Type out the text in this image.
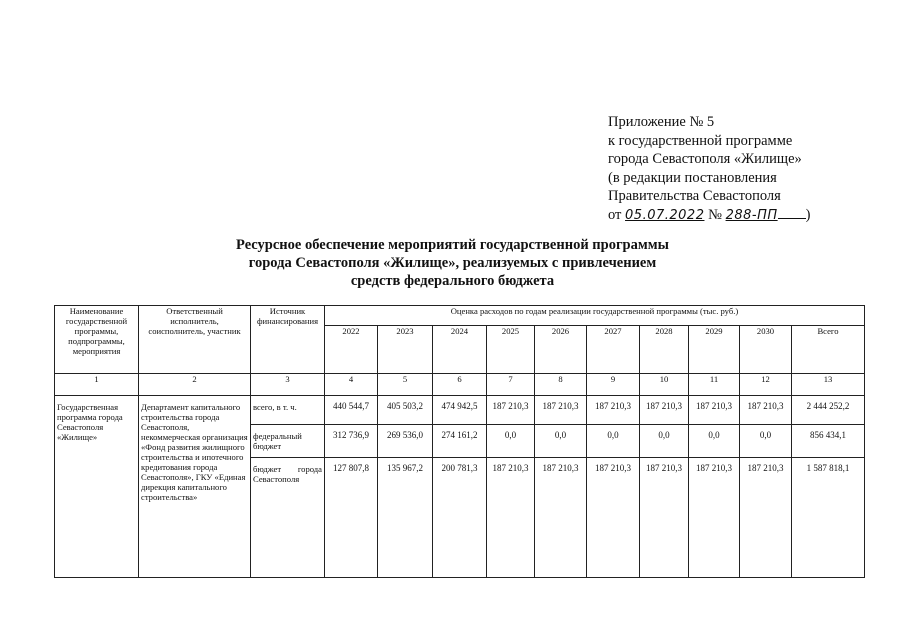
Приложение № 5
к государственной программе
города Севастополя «Жилище»
(в редакции постановления
Правительства Севастополя
от 05.07.2022 № 288-ПП )
Ресурсное обеспечение мероприятий государственной программы
города Севастополя «Жилище», реализуемых с привлечением
средств федерального бюджета
Наименование государственной программы, подпрограммы, мероприятия	Ответственный исполнитель, соисполнитель, участник	Источник финансирования	Оценка расходов по годам реализации государственной программы (тыс. руб.)									
			2022	2023	2024	2025	2026	2027	2028	2029	2030	Всего
1	2	3	4	5	6	7	8	9	10	11	12	13
Государственная программа города Севастополя «Жилище»	Департамент капитального строительства города Севастополя, некоммерческая организация «Фонд развития жилищного строительства и ипотечного кредитования города Севастополя», ГКУ «Единая дирекция капитального строительства»	всего, в т. ч.	440 544,7	405 503,2	474 942,5	187 210,3	187 210,3	187 210,3	187 210,3	187 210,3	187 210,3	2 444 252,2
		федеральный бюджет	312 736,9	269 536,0	274 161,2	0,0	0,0	0,0	0,0	0,0	0,0	856 434,1
		бюджет города Севастополя	127 807,8	135 967,2	200 781,3	187 210,3	187 210,3	187 210,3	187 210,3	187 210,3	187 210,3	1 587 818,1
